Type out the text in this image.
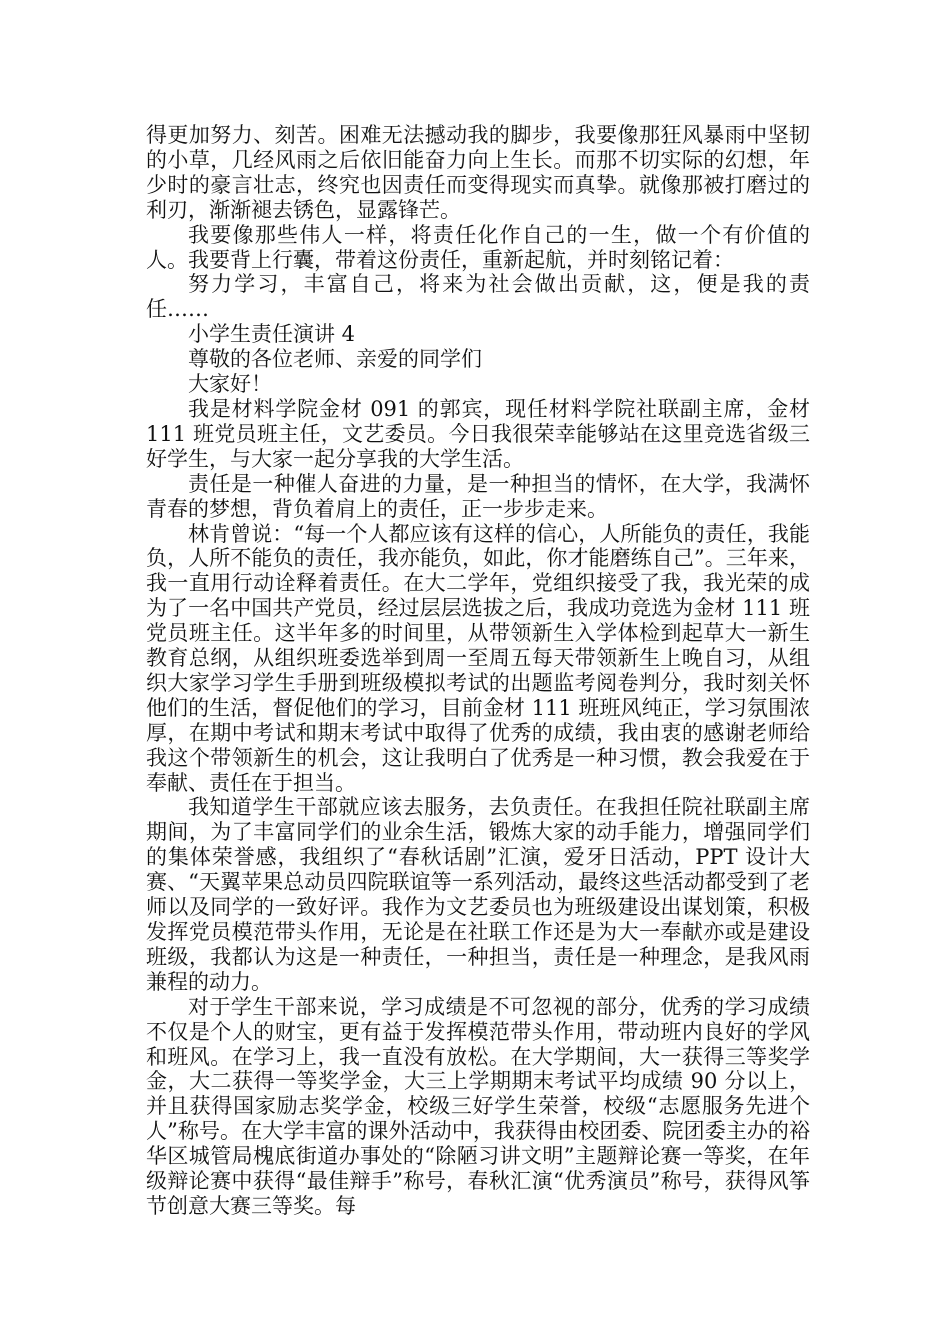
得更加努力、刻苦。困难无法撼动我的脚步，我要像那狂风暴雨中坚韧的小草，几经风雨之后依旧能奋力向上生长。而那不切实际的幻想，年少时的豪言壮志，终究也因责任而变得现实而真挚。就像那被打磨过的利刃，渐渐褪去锈色，显露锋芒。

我要像那些伟人一样，将责任化作自己的一生，做一个有价值的人。我要背上行囊，带着这份责任，重新起航，并时刻铭记着：

努力学习，丰富自己，将来为社会做出贡献，这，便是我的责任……

小学生责任演讲 4

尊敬的各位老师、亲爱的同学们

大家好！

我是材料学院金材 091 的郭宾，现任材料学院社联副主席，金材 111 班党员班主任，文艺委员。今日我很荣幸能够站在这里竞选省级三好学生，与大家一起分享我的大学生活。

责任是一种催人奋进的力量，是一种担当的情怀，在大学，我满怀青春的梦想，背负着肩上的责任，正一步步走来。

林肯曾说：“每一个人都应该有这样的信心，人所能负的责任，我能负，人所不能负的责任，我亦能负，如此，你才能磨练自己”。三年来，我一直用行动诠释着责任。在大二学年，党组织接受了我，我光荣的成为了一名中国共产党员，经过层层选拔之后，我成功竞选为金材 111 班党员班主任。这半年多的时间里，从带领新生入学体检到起草大一新生教育总纲，从组织班委选举到周一至周五每天带领新生上晚自习，从组织大家学习学生手册到班级模拟考试的出题监考阅卷判分，我时刻关怀他们的生活，督促他们的学习，目前金材 111 班班风纯正，学习氛围浓厚，在期中考试和期末考试中取得了优秀的成绩，我由衷的感谢老师给我这个带领新生的机会，这让我明白了优秀是一种习惯，教会我爱在于奉献、责任在于担当。

我知道学生干部就应该去服务，去负责任。在我担任院社联副主席期间，为了丰富同学们的业余生活，锻炼大家的动手能力，增强同学们的集体荣誉感，我组织了“春秋话剧”汇演，爱牙日活动，PPT 设计大赛、“天翼苹果总动员四院联谊等一系列活动，最终这些活动都受到了老师以及同学的一致好评。我作为文艺委员也为班级建设出谋划策，积极发挥党员模范带头作用，无论是在社联工作还是为大一奉献亦或是建设班级，我都认为这是一种责任，一种担当，责任是一种理念，是我风雨兼程的动力。

对于学生干部来说，学习成绩是不可忽视的部分，优秀的学习成绩不仅是个人的财宝，更有益于发挥模范带头作用，带动班内良好的学风和班风。在学习上，我一直没有放松。在大学期间，大一获得三等奖学金，大二获得一等奖学金，大三上学期期末考试平均成绩 90 分以上，并且获得国家励志奖学金，校级三好学生荣誉，校级“志愿服务先进个人”称号。在大学丰富的课外活动中，我获得由校团委、院团委主办的裕华区城管局槐底街道办事处的“除陋习讲文明”主题辩论赛一等奖，在年级辩论赛中获得“最佳辩手”称号，春秋汇演“优秀演员”称号，获得风筝节创意大赛三等奖。每
